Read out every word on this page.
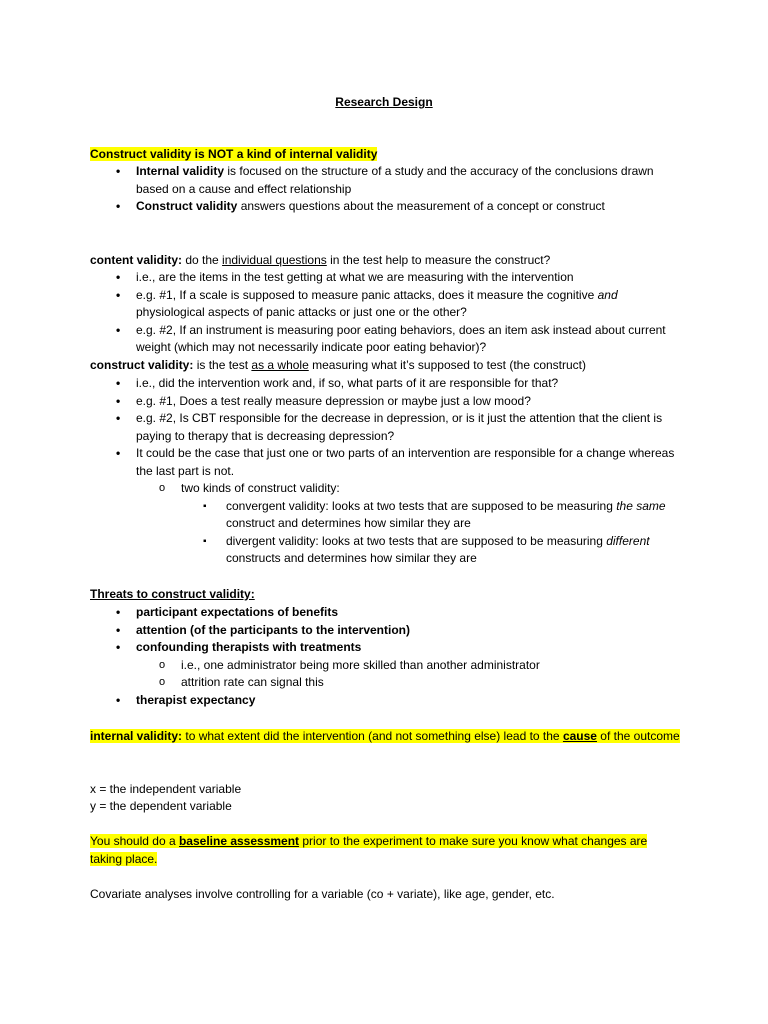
Research Design
Construct validity is NOT a kind of internal validity
• Internal validity is focused on the structure of a study and the accuracy of the conclusions drawn based on a cause and effect relationship
• Construct validity answers questions about the measurement of a concept or construct
content validity: do the individual questions in the test help to measure the construct?
• i.e., are the items in the test getting at what we are measuring with the intervention
• e.g. #1, If a scale is supposed to measure panic attacks, does it measure the cognitive and physiological aspects of panic attacks or just one or the other?
• e.g. #2, If an instrument is measuring poor eating behaviors, does an item ask instead about current weight (which may not necessarily indicate poor eating behavior)?
construct validity: is the test as a whole measuring what it’s supposed to test (the construct)
• i.e., did the intervention work and, if so, what parts of it are responsible for that?
• e.g. #1, Does a test really measure depression or maybe just a low mood?
• e.g. #2, Is CBT responsible for the decrease in depression, or is it just the attention that the client is paying to therapy that is decreasing depression?
• It could be the case that just one or two parts of an intervention are responsible for a change whereas the last part is not.
o two kinds of construct validity:
▪ convergent validity: looks at two tests that are supposed to be measuring the same construct and determines how similar they are
▪ divergent validity: looks at two tests that are supposed to be measuring different constructs and determines how similar they are
Threats to construct validity:
• participant expectations of benefits
• attention (of the participants to the intervention)
• confounding therapists with treatments
o i.e., one administrator being more skilled than another administrator
o attrition rate can signal this
• therapist expectancy
internal validity: to what extent did the intervention (and not something else) lead to the cause of the outcome
x = the independent variable
y = the dependent variable
You should do a baseline assessment prior to the experiment to make sure you know what changes are taking place.
Covariate analyses involve controlling for a variable (co + variate), like age, gender, etc.
